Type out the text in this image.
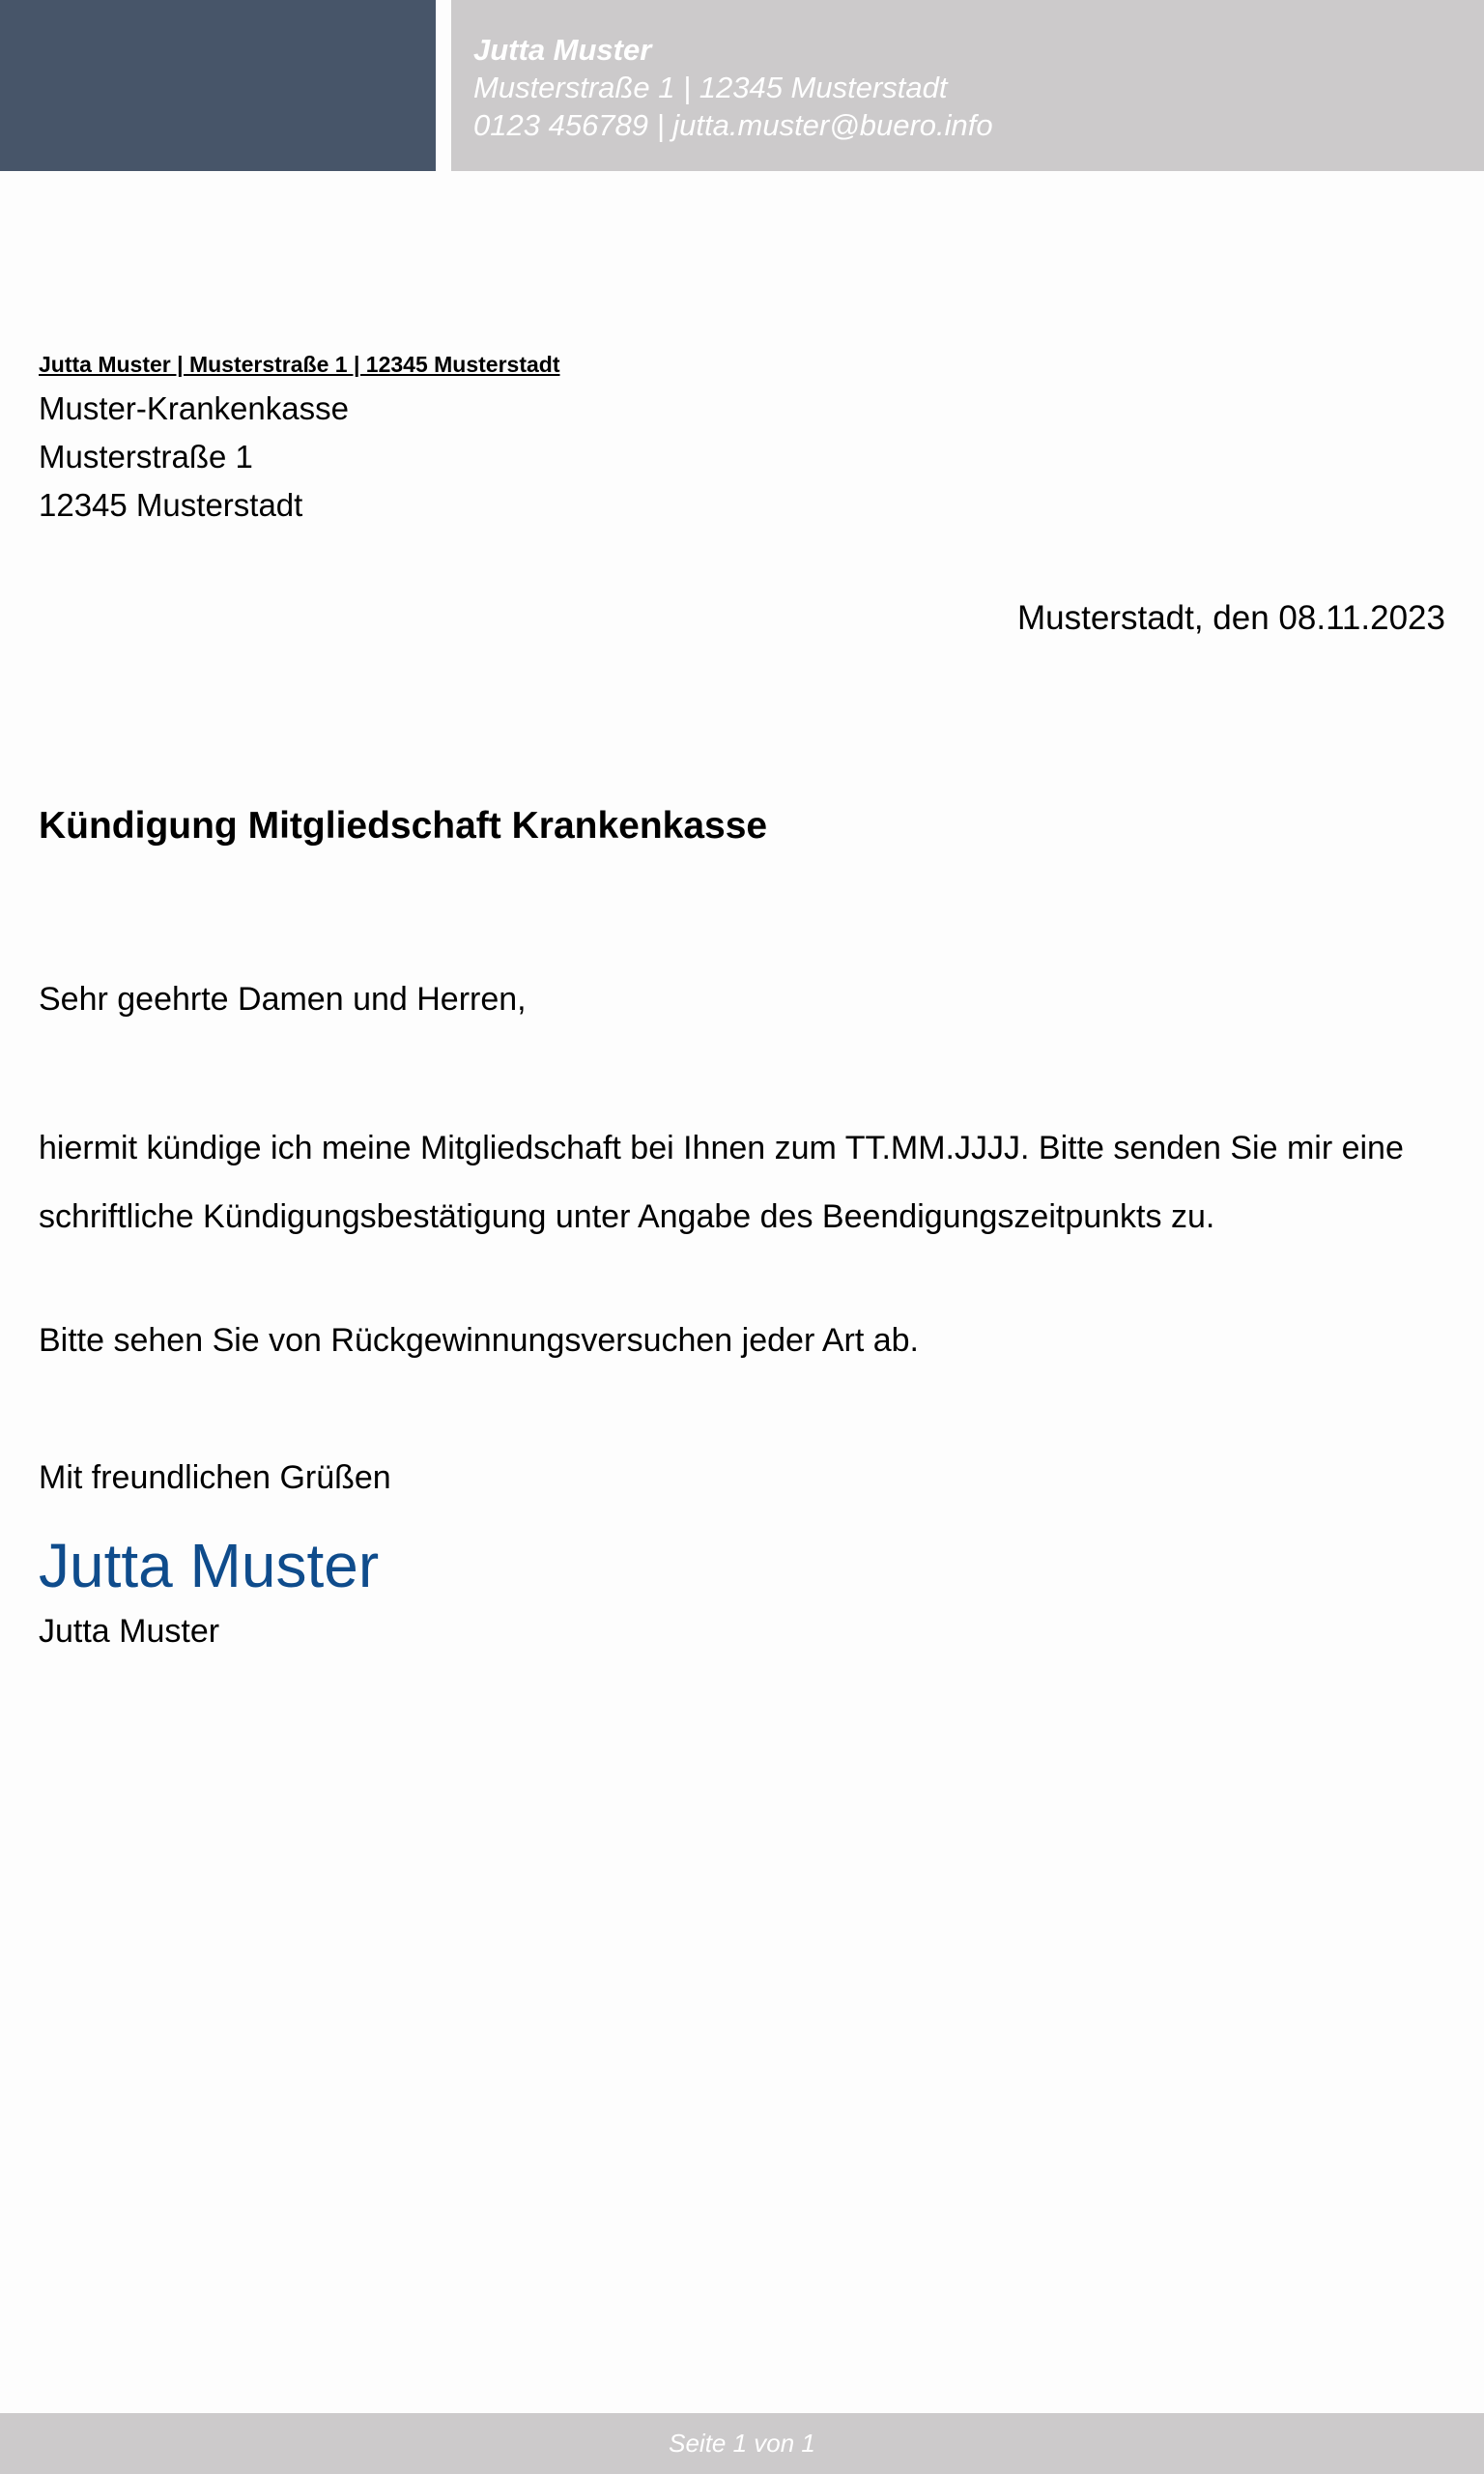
Jutta Muster
Musterstraße 1 | 12345 Musterstadt
0123 456789 | jutta.muster@buero.info
Jutta Muster | Musterstraße 1 | 12345 Musterstadt
Muster-Krankenkasse
Musterstraße 1
12345 Musterstadt
Musterstadt, den 08.11.2023
Kündigung Mitgliedschaft Krankenkasse
Sehr geehrte Damen und Herren,
hiermit kündige ich meine Mitgliedschaft bei Ihnen zum TT.MM.JJJJ. Bitte senden Sie mir eine schriftliche Kündigungsbestätigung unter Angabe des Beendigungszeitpunkts zu.
Bitte sehen Sie von Rückgewinnungsversuchen jeder Art ab.
Mit freundlichen Grüßen
Jutta Muster
Jutta Muster
Seite 1 von 1
